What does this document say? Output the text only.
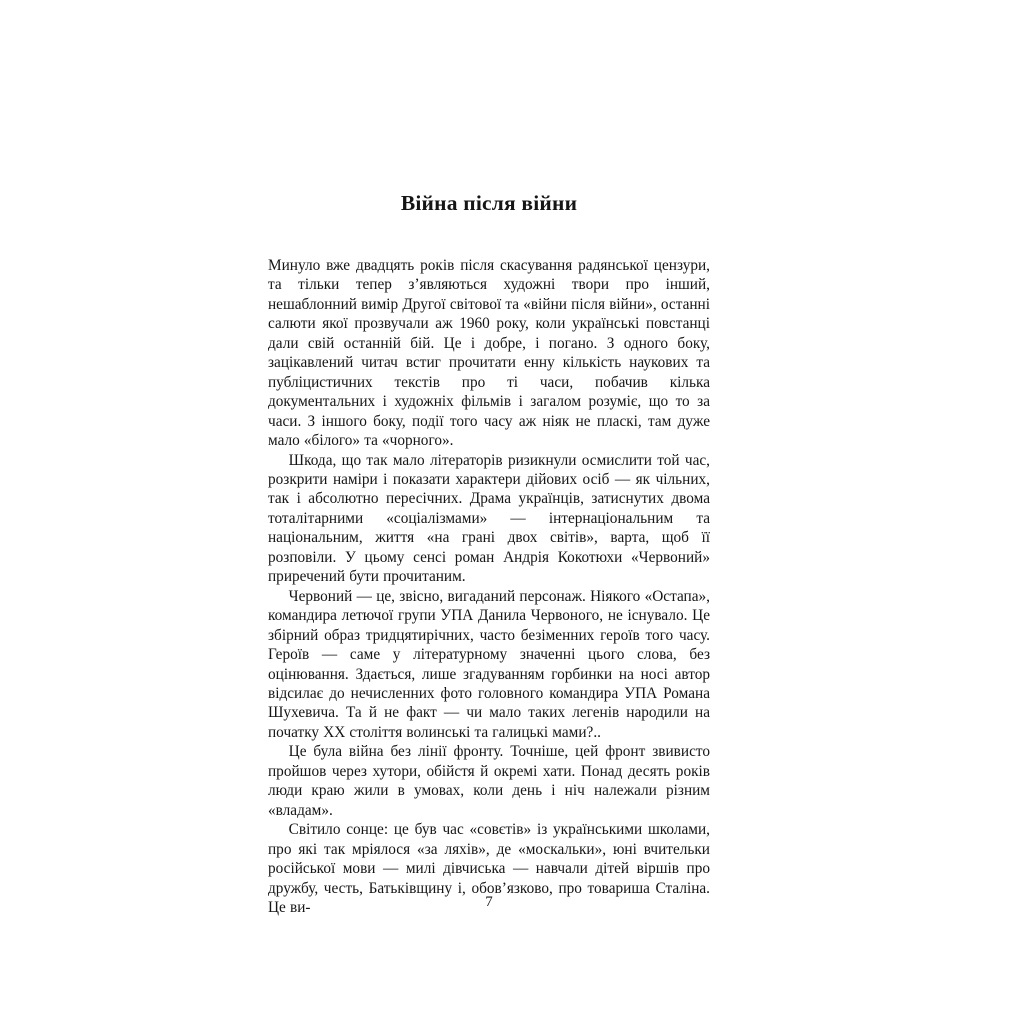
Війна після війни

Минуло вже двадцять років після скасування радянської цензури, та тільки тепер з’являються художні твори про інший, нешаблонний вимір Другої світової та «війни після війни», останні салюти якої прозвучали аж 1960 року, коли українські повстанці дали свій останній бій. Це і добре, і погано. З одного боку, зацікавлений читач встиг прочитати енну кількість наукових та публіцистичних текстів про ті часи, побачив кілька документальних і художніх фільмів і загалом розуміє, що то за часи. З іншого боку, події того часу аж ніяк не пласкі, там дуже мало «білого» та «чорного».

Шкода, що так мало літераторів ризикнули осмислити той час, розкрити наміри і показати характери дійових осіб — як чільних, так і абсолютно пересічних. Драма українців, затиснутих двома тоталітарними «соціалізмами» — інтернаціональним та національним, життя «на грані двох світів», варта, щоб її розповіли. У цьому сенсі роман Андрія Кокотюхи «Червоний» приречений бути прочитаним.

Червоний — це, звісно, вигаданий персонаж. Ніякого «Остапа», командира летючої групи УПА Данила Червоного, не існувало. Це збірний образ тридцятирічних, часто безіменних героїв того часу. Героїв — саме у літературному значенні цього слова, без оцінювання. Здається, лише згадуванням горбинки на носі автор відсилає до нечисленних фото головного командира УПА Романа Шухевича. Та й не факт — чи мало таких легенів народили на початку XX століття волинські та галицькі мами?..

Це була війна без лінії фронту. Точніше, цей фронт звивисто пройшов через хутори, обійстя й окремі хати. Понад десять років люди краю жили в умовах, коли день і ніч належали різним «владам».

Світило сонце: це був час «совєтів» із українськими школами, про які так мріялося «за ляхів», де «москальки», юні вчительки російської мови — милі дівчиська — навчали дітей віршів про дружбу, честь, Батьківщину і, обов’язково, про товариша Сталіна. Це ви-	7
